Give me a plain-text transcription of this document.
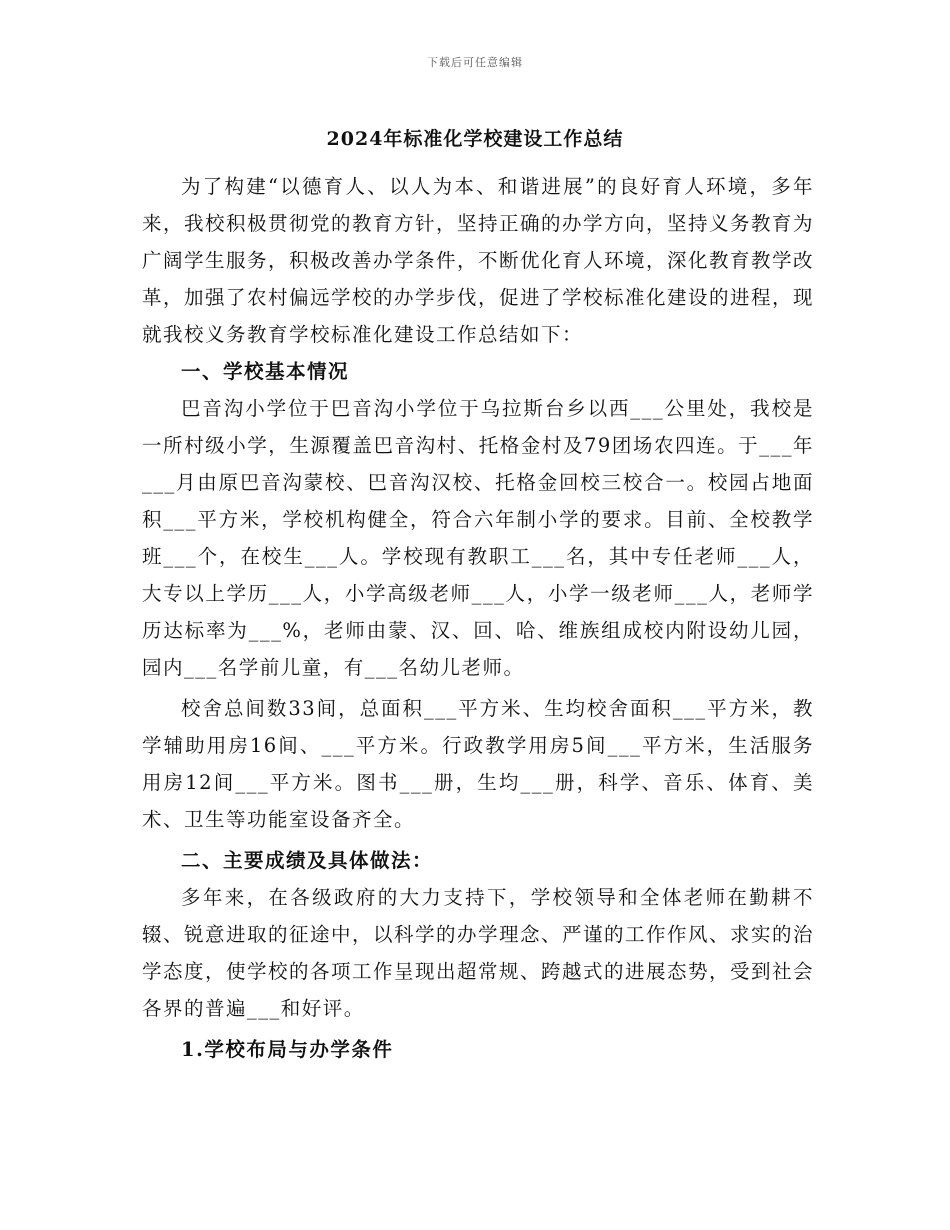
下载后可任意编辑
2024年标准化学校建设工作总结

为了构建“以德育人、以人为本、和谐进展”的良好育人环境，多年来，我校积极贯彻党的教育方针，坚持正确的办学方向，坚持义务教育为广阔学生服务，积极改善办学条件，不断优化育人环境，深化教育教学改革，加强了农村偏远学校的办学步伐，促进了学校标准化建设的进程，现就我校义务教育学校标准化建设工作总结如下：

一、学校基本情况

巴音沟小学位于巴音沟小学位于乌拉斯台乡以西___公里处，我校是一所村级小学，生源覆盖巴音沟村、托格金村及79团场农四连。于___年___月由原巴音沟蒙校、巴音沟汉校、托格金回校三校合一。校园占地面积___平方米，学校机构健全，符合六年制小学的要求。目前、全校教学班___个，在校生___人。学校现有教职工___名，其中专任老师___人，大专以上学历___人，小学高级老师___人，小学一级老师___人，老师学历达标率为___%，老师由蒙、汉、回、哈、维族组成校内附设幼儿园，园内___名学前儿童，有___名幼儿老师。

校舍总间数33间，总面积___平方米、生均校舍面积___平方米，教学辅助用房16间、___平方米。行政教学用房5间___平方米，生活服务用房12间___平方米。图书___册，生均___册，科学、音乐、体育、美术、卫生等功能室设备齐全。

二、主要成绩及具体做法：

多年来，在各级政府的大力支持下，学校领导和全体老师在勤耕不辍、锐意进取的征途中，以科学的办学理念、严谨的工作作风、求实的治学态度，使学校的各项工作呈现出超常规、跨越式的进展态势，受到社会各界的普遍___和好评。

1.学校布局与办学条件
